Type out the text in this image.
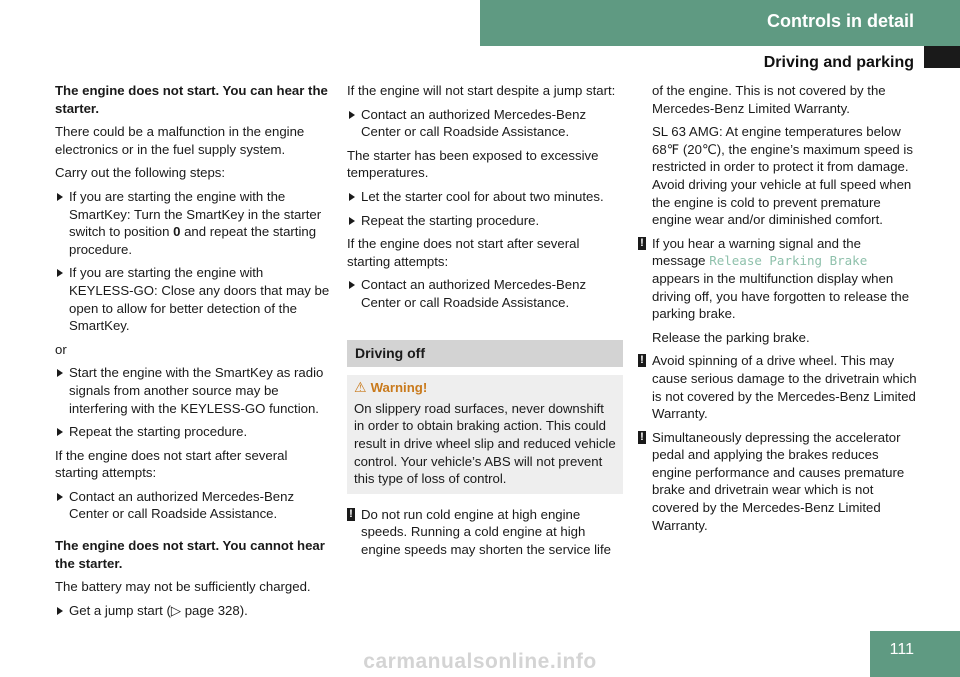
Controls in detail
Driving and parking

The engine does not start. You can hear the starter.

There could be a malfunction in the engine electronics or in the fuel supply system.

Carry out the following steps:

If you are starting the engine with the SmartKey: Turn the SmartKey in the starter switch to position 0 and repeat the starting procedure.
If you are starting the engine with KEYLESS-GO: Close any doors that may be open to allow for better detection of the SmartKey.

or

Start the engine with the SmartKey as radio signals from another source may be interfering with the KEYLESS-GO function.
Repeat the starting procedure.

If the engine does not start after several starting attempts:

Contact an authorized Mercedes-Benz Center or call Roadside Assistance.

The engine does not start. You cannot hear the starter.

The battery may not be sufficiently charged.

Get a jump start (▷ page 328).

If the engine will not start despite a jump start:

Contact an authorized Mercedes-Benz Center or call Roadside Assistance.

The starter has been exposed to excessive temperatures.

Let the starter cool for about two minutes.
Repeat the starting procedure.

If the engine does not start after several starting attempts:

Contact an authorized Mercedes-Benz Center or call Roadside Assistance.
Driving off
⚠ Warning!
On slippery road surfaces, never downshift in order to obtain braking action. This could result in drive wheel slip and reduced vehicle control. Your vehicle’s ABS will not prevent this type of loss of control.
! Do not run cold engine at high engine speeds. Running a cold engine at high engine speeds may shorten the service life

of the engine. This is not covered by the Mercedes-Benz Limited Warranty.

SL 63 AMG: At engine temperatures below 68℉ (20℃), the engine’s maximum speed is restricted in order to protect it from damage. Avoid driving your vehicle at full speed when the engine is cold to prevent premature engine wear and/or diminished comfort.

! If you hear a warning signal and the message Release Parking Brake appears in the multifunction display when driving off, you have forgotten to release the parking brake.

Release the parking brake.

! Avoid spinning of a drive wheel. This may cause serious damage to the drivetrain which is not covered by the Mercedes-Benz Limited Warranty.
! Simultaneously depressing the accelerator pedal and applying the brakes reduces engine performance and causes premature brake and drivetrain wear which is not covered by the Mercedes-Benz Limited Warranty.
111
carmanualsonline.info
